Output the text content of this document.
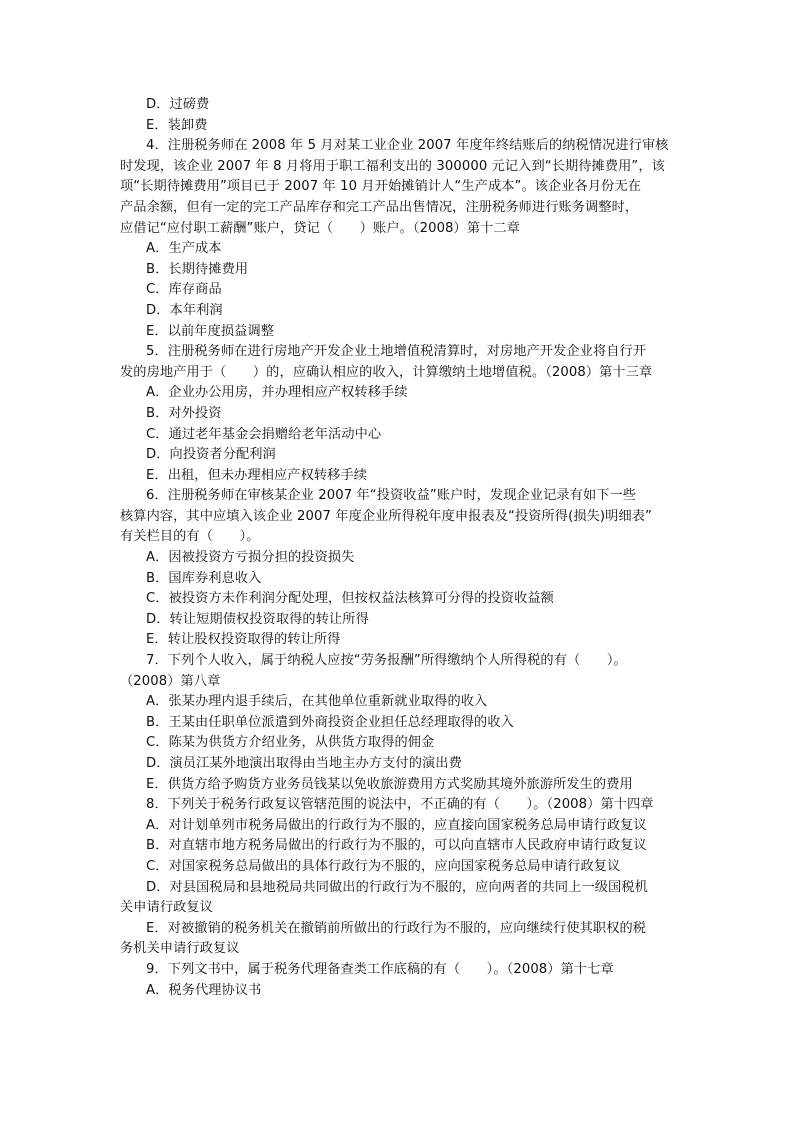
D．过磅费
E．装卸费
4．注册税务师在 2008 年 5 月对某工业企业 2007 年度年终结账后的纳税情况进行审核
时发现，该企业 2007 年 8 月将用于职工福利支出的 300000 元记入到“长期待摊费用”，该
项“长期待摊费用”项目已于 2007 年 10 月开始摊销计人“生产成本”。该企业各月份无在
产品余额，但有一定的完工产品库存和完工产品出售情况，注册税务师进行账务调整时，
应借记“应付职工薪酬”账户，贷记（　　）账户。（2008）第十二章
A．生产成本
B．长期待摊费用
C．库存商品
D．本年利润
E．以前年度损益调整
5．注册税务师在进行房地产开发企业土地增值税清算时，对房地产开发企业将自行开
发的房地产用于（　　）的，应确认相应的收入，计算缴纳土地增值税。（2008）第十三章
A．企业办公用房，并办理相应产权转移手续
B．对外投资
C．通过老年基金会捐赠给老年活动中心
D．向投资者分配利润
E．出租，但未办理相应产权转移手续
6．注册税务师在审核某企业 2007 年“投资收益”账户时，发现企业记录有如下一些
核算内容，其中应填入该企业 2007 年度企业所得税年度申报表及“投资所得(损失)明细表”
有关栏目的有（　　）。
A．因被投资方亏损分担的投资损失
B．国库券利息收入
C．被投资方未作利润分配处理，但按权益法核算可分得的投资收益额
D．转让短期债权投资取得的转让所得
E．转让股权投资取得的转让所得
7．下列个人收入，属于纳税人应按“劳务报酬”所得缴纳个人所得税的有（　　）。
（2008）第八章
A．张某办理内退手续后，在其他单位重新就业取得的收入
B．王某由任职单位派遣到外商投资企业担任总经理取得的收入
C．陈某为供货方介绍业务，从供货方取得的佣金
D．演员江某外地演出取得由当地主办方支付的演出费
E．供货方给予购货方业务员钱某以免收旅游费用方式奖励其境外旅游所发生的费用
8．下列关于税务行政复议管辖范围的说法中，不正确的有（　　）。（2008）第十四章
A．对计划单列市税务局做出的行政行为不服的，应直接向国家税务总局申请行政复议
B．对直辖市地方税务局做出的行政行为不服的，可以向直辖市人民政府申请行政复议
C．对国家税务总局做出的具体行政行为不服的，应向国家税务总局申请行政复议
D．对县国税局和县地税局共同做出的行政行为不服的，应向两者的共同上一级国税机
关申请行政复议
E．对被撤销的税务机关在撤销前所做出的行政行为不服的，应向继续行使其职权的税
务机关申请行政复议
9．下列文书中，属于税务代理备查类工作底稿的有（　　）。（2008）第十七章
A．税务代理协议书
